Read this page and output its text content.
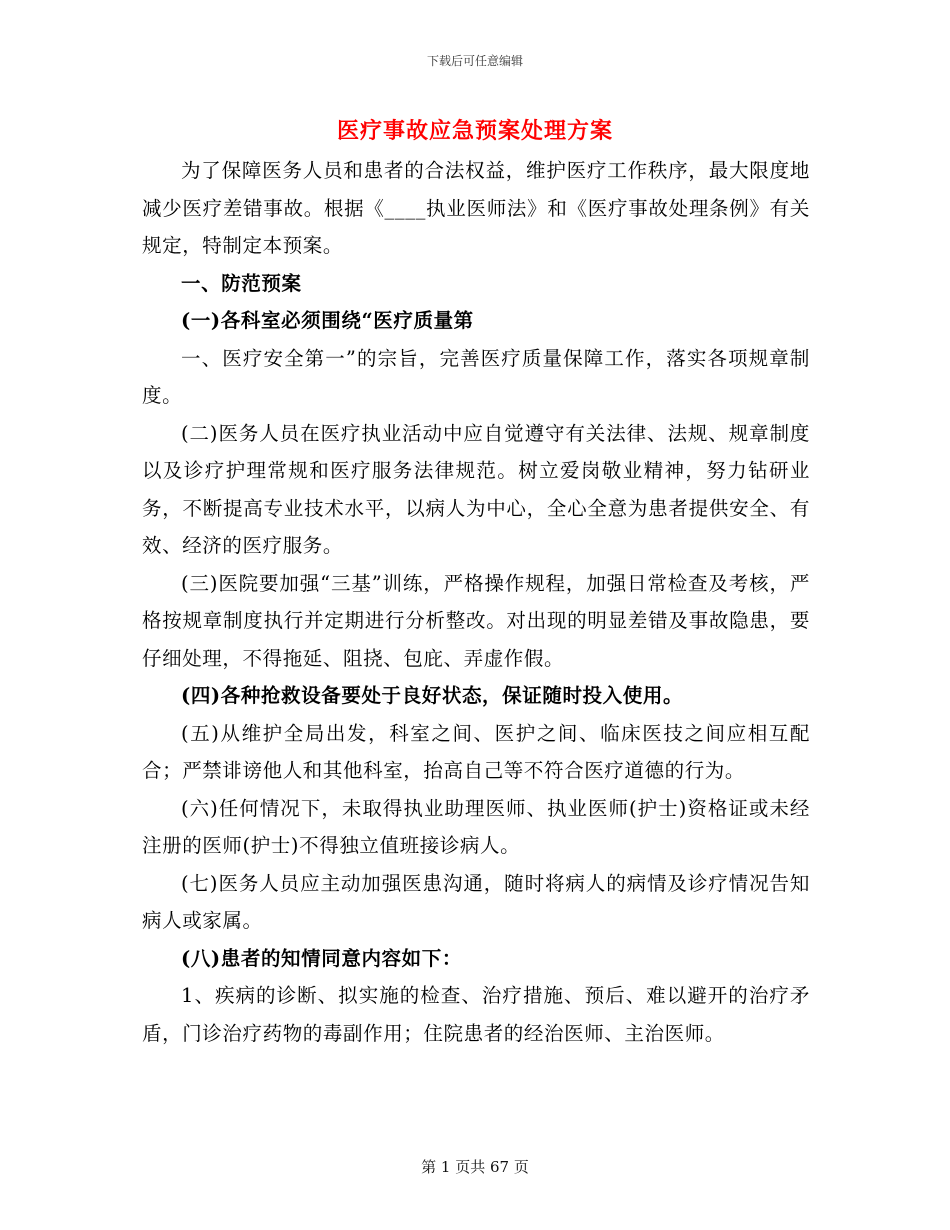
下载后可任意编辑
医疗事故应急预案处理方案

为了保障医务人员和患者的合法权益，维护医疗工作秩序，最大限度地减少医疗差错事故。根据《____执业医师法》和《医疗事故处理条例》有关规定，特制定本预案。

一、防范预案

(一)各科室必须围绕“医疗质量第

一、医疗安全第一”的宗旨，完善医疗质量保障工作，落实各项规章制度。

(二)医务人员在医疗执业活动中应自觉遵守有关法律、法规、规章制度以及诊疗护理常规和医疗服务法律规范。树立爱岗敬业精神，努力钻研业务，不断提高专业技术水平，以病人为中心，全心全意为患者提供安全、有效、经济的医疗服务。

(三)医院要加强“三基”训练，严格操作规程，加强日常检查及考核，严格按规章制度执行并定期进行分析整改。对出现的明显差错及事故隐患，要仔细处理，不得拖延、阻挠、包庇、弄虚作假。

(四)各种抢救设备要处于良好状态，保证随时投入使用。

(五)从维护全局出发，科室之间、医护之间、临床医技之间应相互配合；严禁诽谤他人和其他科室，抬高自己等不符合医疗道德的行为。

(六)任何情况下，未取得执业助理医师、执业医师(护士)资格证或未经注册的医师(护士)不得独立值班接诊病人。

(七)医务人员应主动加强医患沟通，随时将病人的病情及诊疗情况告知病人或家属。

(八)患者的知情同意内容如下：

1、疾病的诊断、拟实施的检查、治疗措施、预后、难以避开的治疗矛盾，门诊治疗药物的毒副作用；住院患者的经治医师、主治医师。

第 1 页共 67 页
